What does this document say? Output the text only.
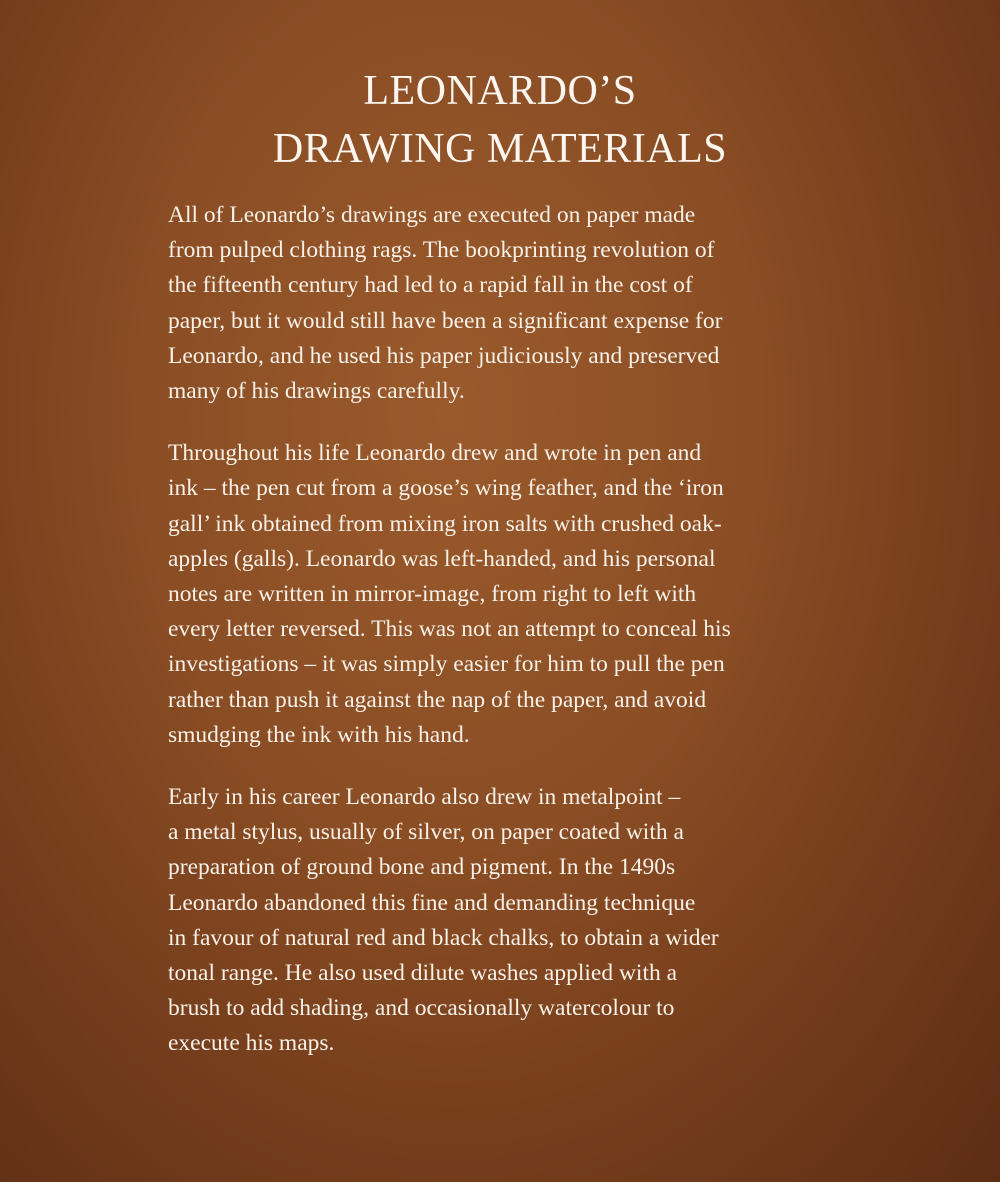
LEONARDO’S
DRAWING MATERIALS

All of Leonardo’s drawings are executed on paper made
from pulped clothing rags. The bookprinting revolution of
the fifteenth century had led to a rapid fall in the cost of
paper, but it would still have been a significant expense for
Leonardo, and he used his paper judiciously and preserved
many of his drawings carefully.

Throughout his life Leonardo drew and wrote in pen and
ink – the pen cut from a goose’s wing feather, and the ‘iron
gall’ ink obtained from mixing iron salts with crushed oak-
apples (galls). Leonardo was left-handed, and his personal
notes are written in mirror-image, from right to left with
every letter reversed. This was not an attempt to conceal his
investigations – it was simply easier for him to pull the pen
rather than push it against the nap of the paper, and avoid
smudging the ink with his hand.

Early in his career Leonardo also drew in metalpoint –
a metal stylus, usually of silver, on paper coated with a
preparation of ground bone and pigment. In the 1490s
Leonardo abandoned this fine and demanding technique
in favour of natural red and black chalks, to obtain a wider
tonal range. He also used dilute washes applied with a
brush to add shading, and occasionally watercolour to
execute his maps.
